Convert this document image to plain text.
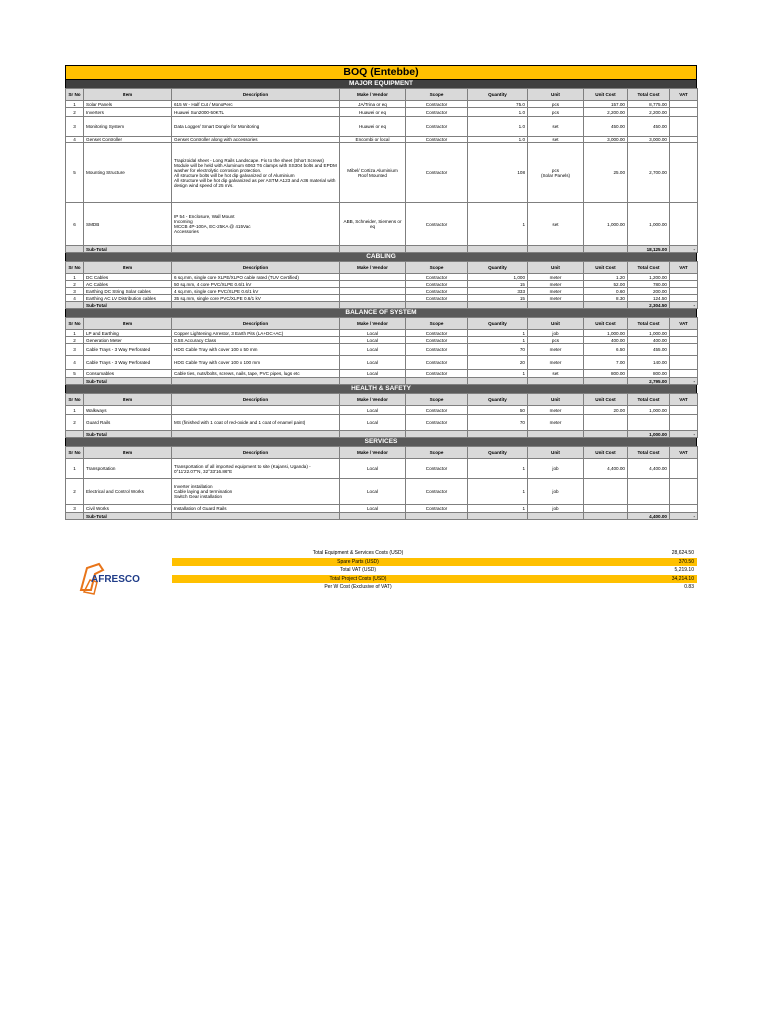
BOQ (Entebbe)
MAJOR EQUIPMENT
Sr No	Item	Description	Make / Vendor	Scope	Quantity	Unit	Unit Cost	Total Cost	VAT
1	Solar Panels	615 W - Half Cut / MonoPerc	JA/Trina or eq	Contractor	75.0	pcs	157.00	8,775.00	
2	Inverters	Huawei Sun2000-50KTL	Huawei or eq	Contractor	1.0	pcs	2,200.00	2,200.00	
3	Monitoring System	Data Logger/ Smart Dongle for Monitoring	Huawei or eq	Contractor	1.0	set	450.00	450.00	
4	Genset Controller	Genset Controller along with accessories	Encombi or local	Contractor	1.0	set	3,000.00	3,000.00	
5	Mounting Structure	Trapizoidal sheet - Long Rails Landscape. Fix to the sheet (Short Screws)
Module will be held with Aluminum 6063 T6 clamps with SS304 bolts and EPDM washer for electrolytic corrosion protection.
All structure bolts will be hot dip galvanized or of Aluminium
All structure will be hot dip galvanized as per ASTM A123 and A36 material with design wind speed of 25 m/s.	Mibel/ Cortiza Aluminium Roof Mounted	Contractor	108	pcs
(Solar Panels)	25.00	2,700.00	
6	SMDB	IP 54 - Enclosure, Wall Mount
Incoming
MCCB 4P-100A, EC-25KA @ 415Vac
Accessories	ABB, Schneider, Siemens or eq	Contractor	1	set	1,000.00	1,000.00	
	Sub-Total							18,125.00	-
CABLING
Sr No	Item	Description	Make / Vendor	Scope	Quantity	Unit	Unit Cost	Total Cost	VAT
1	DC Cables	6 sq.mm, single core XLPE/XLPO cable rated (TUV Certified)		Contractor	1,000	meter	1.20	1,200.00	
2	AC Cables	50 sq.mm, 4 core PVC/XLPE 0.6/1 kV		Contractor	15	meter	52.00	780.00	
3	Earthing DC String Solar cables	4 sq.mm, single core PVC/XLPE 0.6/1 kV		Contractor	333	meter	0.60	200.00	
4	Earthing AC LV Distribution cables	35 sq.mm, single core PVC/XLPE 0.6/1 kV		Contractor	15	meter	8.30	124.50	
	Sub-Total							2,304.50	-
BALANCE OF SYSTEM
Sr No	Item	Description	Make / Vendor	Scope	Quantity	Unit	Unit Cost	Total Cost	VAT
1	LP and Earthing	Copper Lightening Arrestor, 3 Earth Pits (LA+DC+AC)	Local	Contractor	1	job	1,000.00	1,000.00	
2	Generation Meter	0.5S Accuracy Class	Local	Contractor	1	pcs	400.00	400.00	
3	Cable Trays - 3 Way Perforated	HDG Cable Tray with cover 100 x 50 mm	Local	Contractor	70	meter	6.50	455.00	
4	Cable Trays - 3 Way Perforated	HDG Cable Tray with cover 100 x 100 mm	Local	Contractor	20	meter	7.00	140.00	
5	Consumables	Cable ties, nuts/bolts, screws, nails, tape, PVC pipes, lugs etc	Local	Contractor	1	set	800.00	800.00	
	Sub-Total							2,795.00	-
HEALTH & SAFETY
Sr No	Item	Description	Make / Vendor	Scope	Quantity	Unit	Unit Cost	Total Cost	VAT
1	Walkways		Local	Contractor	50	meter	20.00	1,000.00	
2	Guard Rails	MS (finished with 1 coat of red-oxide and 1 coat of enamel paint)	Local	Contractor	70	meter			
	Sub-Total							1,000.00	-
SERVICES
Sr No	Item	Description	Make / Vendor	Scope	Quantity	Unit	Unit Cost	Total Cost	VAT
1	Transportation	Transportation of all imported equipment to site (Kajansi, Uganda) - 0°11'22.07"N, 32°33'16.86"E	Local	Contractor	1	job	4,400.00	4,400.00	
2	Electrical and Control Works	Inverter installation
Cable laying and termination
Switch Gear installation	Local	Contractor	1	job			
3	Civil Works	Installation of Guard Rails	Local	Contractor	1	job			
	Sub-Total							4,400.00	-
AFRESCO
Total Equipment & Services Costs (USD)	28,624.50
Spare Parts (USD)	370.50
Total VAT (USD)	5,219.10
Total Project Costs (USD)	34,214.10
Per W Cost (Exclusive of VAT)	0.83
